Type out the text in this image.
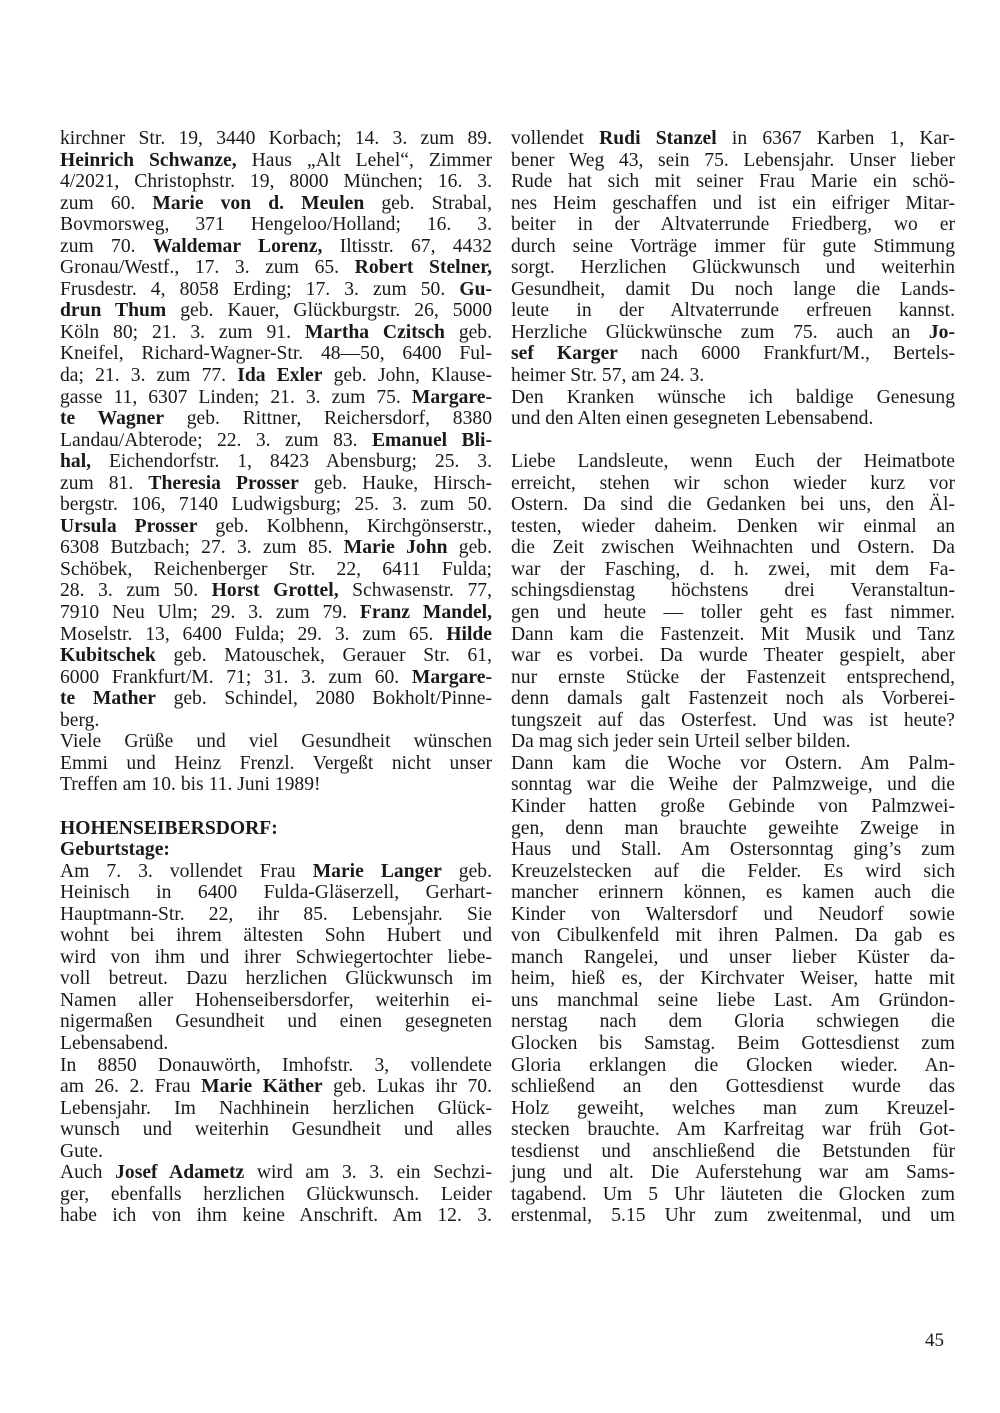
kirchner Str. 19, 3440 Korbach; 14. 3. zum 89.
Heinrich Schwanze, Haus „Alt Lehel“, Zimmer
4/2021, Christophstr. 19, 8000 München; 16. 3.
zum 60. Marie von d. Meulen geb. Strabal,
Bovmorsweg, 371 Hengeloo/Holland; 16. 3.
zum 70. Waldemar Lorenz, Iltisstr. 67, 4432
Gronau/Westf., 17. 3. zum 65. Robert Stelner,
Frusdestr. 4, 8058 Erding; 17. 3. zum 50. Gu-
drun Thum geb. Kauer, Glückburgstr. 26, 5000
Köln 80; 21. 3. zum 91. Martha Czitsch geb.
Kneifel, Richard-Wagner-Str. 48—50, 6400 Ful-
da; 21. 3. zum 77. Ida Exler geb. John, Klause-
gasse 11, 6307 Linden; 21. 3. zum 75. Margare-
te Wagner geb. Rittner, Reichersdorf, 8380
Landau/Abterode; 22. 3. zum 83. Emanuel Bli-
hal, Eichendorfstr. 1, 8423 Abensburg; 25. 3.
zum 81. Theresia Prosser geb. Hauke, Hirsch-
bergstr. 106, 7140 Ludwigsburg; 25. 3. zum 50.
Ursula Prosser geb. Kolbhenn, Kirchgönserstr.,
6308 Butzbach; 27. 3. zum 85. Marie John geb.
Schöbek, Reichenberger Str. 22, 6411 Fulda;
28. 3. zum 50. Horst Grottel, Schwasenstr. 77,
7910 Neu Ulm; 29. 3. zum 79. Franz Mandel,
Moselstr. 13, 6400 Fulda; 29. 3. zum 65. Hilde
Kubitschek geb. Matouschek, Gerauer Str. 61,
6000 Frankfurt/M. 71; 31. 3. zum 60. Margare-
te Mather geb. Schindel, 2080 Bokholt/Pinne-
berg.
Viele Grüße und viel Gesundheit wünschen
Emmi und Heinz Frenzl. Vergeßt nicht unser
Treffen am 10. bis 11. Juni 1989!
HOHENSEIBERSDORF:
Geburtstage:
Am 7. 3. vollendet Frau Marie Langer geb.
Heinisch in 6400 Fulda-Gläserzell, Gerhart-
Hauptmann-Str. 22, ihr 85. Lebensjahr. Sie
wohnt bei ihrem ältesten Sohn Hubert und
wird von ihm und ihrer Schwiegertochter liebe-
voll betreut. Dazu herzlichen Glückwunsch im
Namen aller Hohenseibersdorfer, weiterhin ei-
nigermaßen Gesundheit und einen gesegneten
Lebensabend.
In 8850 Donauwörth, Imhofstr. 3, vollendete
am 26. 2. Frau Marie Käther geb. Lukas ihr 70.
Lebensjahr. Im Nachhinein herzlichen Glück-
wunsch und weiterhin Gesundheit und alles
Gute.
Auch Josef Adametz wird am 3. 3. ein Sechzi-
ger, ebenfalls herzlichen Glückwunsch. Leider
habe ich von ihm keine Anschrift. Am 12. 3.
vollendet Rudi Stanzel in 6367 Karben 1, Kar-
bener Weg 43, sein 75. Lebensjahr. Unser lieber
Rude hat sich mit seiner Frau Marie ein schö-
nes Heim geschaffen und ist ein eifriger Mitar-
beiter in der Altvaterrunde Friedberg, wo er
durch seine Vorträge immer für gute Stimmung
sorgt. Herzlichen Glückwunsch und weiterhin
Gesundheit, damit Du noch lange die Lands-
leute in der Altvaterrunde erfreuen kannst.
Herzliche Glückwünsche zum 75. auch an Jo-
sef Karger nach 6000 Frankfurt/M., Bertels-
heimer Str. 57, am 24. 3.
Den Kranken wünsche ich baldige Genesung
und den Alten einen gesegneten Lebensabend.
Liebe Landsleute, wenn Euch der Heimatbote
erreicht, stehen wir schon wieder kurz vor
Ostern. Da sind die Gedanken bei uns, den Äl-
testen, wieder daheim. Denken wir einmal an
die Zeit zwischen Weihnachten und Ostern. Da
war der Fasching, d. h. zwei, mit dem Fa-
schingsdienstag höchstens drei Veranstaltun-
gen und heute — toller geht es fast nimmer.
Dann kam die Fastenzeit. Mit Musik und Tanz
war es vorbei. Da wurde Theater gespielt, aber
nur ernste Stücke der Fastenzeit entsprechend,
denn damals galt Fastenzeit noch als Vorberei-
tungszeit auf das Osterfest. Und was ist heute?
Da mag sich jeder sein Urteil selber bilden.
Dann kam die Woche vor Ostern. Am Palm-
sonntag war die Weihe der Palmzweige, und die
Kinder hatten große Gebinde von Palmzwei-
gen, denn man brauchte geweihte Zweige in
Haus und Stall. Am Ostersonntag ging’s zum
Kreuzelstecken auf die Felder. Es wird sich
mancher erinnern können, es kamen auch die
Kinder von Waltersdorf und Neudorf sowie
von Cibulkenfeld mit ihren Palmen. Da gab es
manch Rangelei, und unser lieber Küster da-
heim, hieß es, der Kirchvater Weiser, hatte mit
uns manchmal seine liebe Last. Am Gründon-
nerstag nach dem Gloria schwiegen die
Glocken bis Samstag. Beim Gottesdienst zum
Gloria erklangen die Glocken wieder. An-
schließend an den Gottesdienst wurde das
Holz geweiht, welches man zum Kreuzel-
stecken brauchte. Am Karfreitag war früh Got-
tesdienst und anschließend die Betstunden für
jung und alt. Die Auferstehung war am Sams-
tagabend. Um 5 Uhr läuteten die Glocken zum
erstenmal, 5.15 Uhr zum zweitenmal, und um
45
